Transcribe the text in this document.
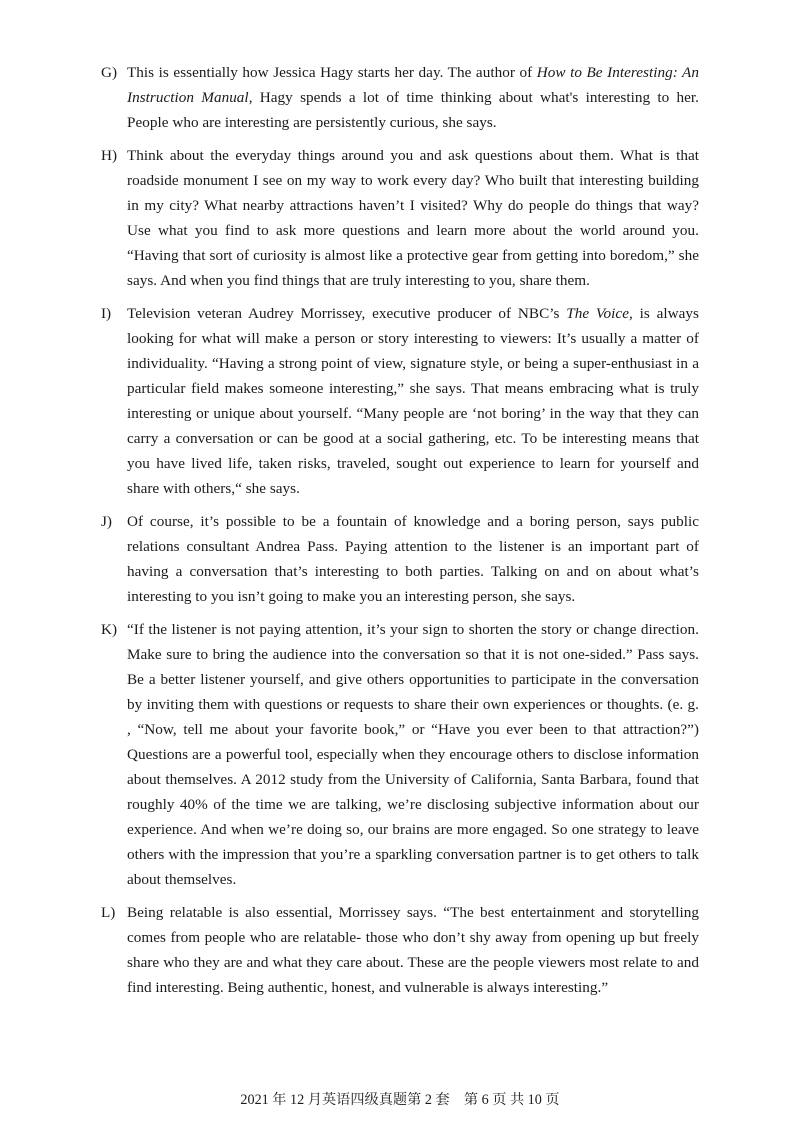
G) This is essentially how Jessica Hagy starts her day. The author of How to Be Interesting: An Instruction Manual, Hagy spends a lot of time thinking about what's interesting to her. People who are interesting are persistently curious, she says.
H) Think about the everyday things around you and ask questions about them. What is that roadside monument I see on my way to work every day? Who built that interesting building in my city? What nearby attractions haven’t I visited? Why do people do things that way? Use what you find to ask more questions and learn more about the world around you. “Having that sort of curiosity is almost like a protective gear from getting into boredom,” she says. And when you find things that are truly interesting to you, share them.
I)	Television veteran Audrey Morrissey, executive producer of NBC’s The Voice, is always looking for what will make a person or story interesting to viewers: It’s usually a matter of individuality. “Having a strong point of view, signature style, or being a super-enthusiast in a particular field makes someone interesting,” she says. That means embracing what is truly interesting or unique about yourself. “Many people are ‘not boring’ in the way that they can carry a conversation or can be good at a social gathering, etc. To be interesting means that you have lived life, taken risks, traveled, sought out experience to learn for yourself and share with others,“ she says.
J) Of course, it’s possible to be a fountain of knowledge and a boring person, says public relations consultant Andrea Pass. Paying attention to the listener is an important part of having a conversation that’s interesting to both parties. Talking on and on about what’s interesting to you isn’t going to make you an interesting person, she says.
K) “If the listener is not paying attention, it’s your sign to shorten the story or change direction. Make sure to bring the audience into the conversation so that it is not one-sided.” Pass says. Be a better listener yourself, and give others opportunities to participate in the conversation by inviting them with questions or requests to share their own experiences or thoughts. (e. g. , “Now, tell me about your favorite book,” or “Have you ever been to that attraction?”) Questions are a powerful tool, especially when they encourage others to disclose information about themselves. A 2012 study from the University of California, Santa Barbara, found that roughly 40% of the time we are talking, we’re disclosing subjective information about our experience. And when we’re doing so, our brains are more engaged. So one strategy to leave others with the impression that you’re a sparkling conversation partner is to get others to talk about themselves.
L) Being relatable is also essential, Morrissey says. “The best entertainment and storytelling comes from people who are relatable- those who don’t shy away from opening up but freely share who they are and what they care about. These are the people viewers most relate to and find interesting. Being authentic, honest, and vulnerable is always interesting.”
2021 年 12 月英语四级真题第 2 套　第 6 页 共 10 页
